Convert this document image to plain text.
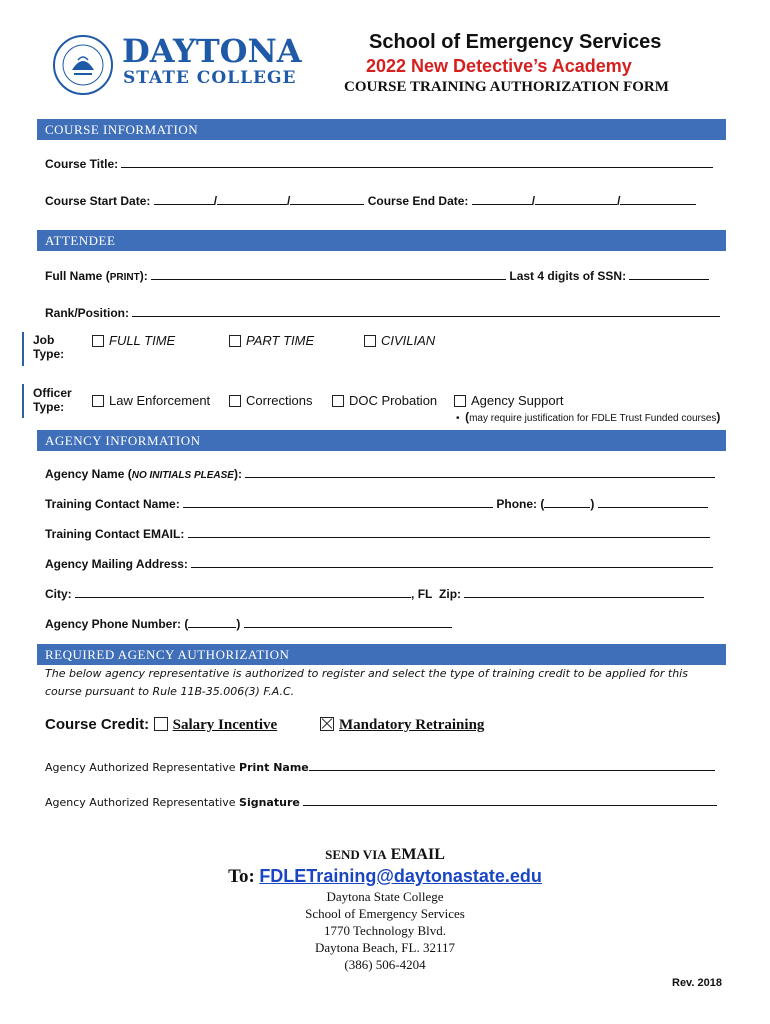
DAYTONA
STATE COLLEGE
School of Emergency Services
2022 New Detective’s Academy
COURSE TRAINING AUTHORIZATION FORM
COURSE INFORMATION
Course Title:
Course Start Date:	/	/	Course End Date:	/	/
ATTENDEE
Full Name (PRINT):	Last 4 digits of SSN:
Rank/Position:
Job Type:
FULL TIME	PART TIME	CIVILIAN
Officer Type:	Law Enforcement	Corrections	DOC Probation	Agency Support
• (may require justification for FDLE Trust Funded courses)
AGENCY INFORMATION
Agency Name (NO INITIALS PLEASE):
Training Contact Name:	Phone: (	)
Training Contact EMAIL:
Agency Mailing Address:
City:	, FL Zip:
Agency Phone Number: (	)
REQUIRED AGENCY AUTHORIZATION
The below agency representative is authorized to register and select the type of training credit to be applied for this course pursuant to Rule 11B-35.006(3) F.A.C.
Course Credit: Salary Incentive	Mandatory Retraining
Agency Authorized Representative Print Name
Agency Authorized Representative Signature
SEND VIA EMAIL
To: FDLETraining@daytonastate.edu
Daytona State College
School of Emergency Services
1770 Technology Blvd.
Daytona Beach, FL. 32117
(386) 506-4204
Rev. 2018
